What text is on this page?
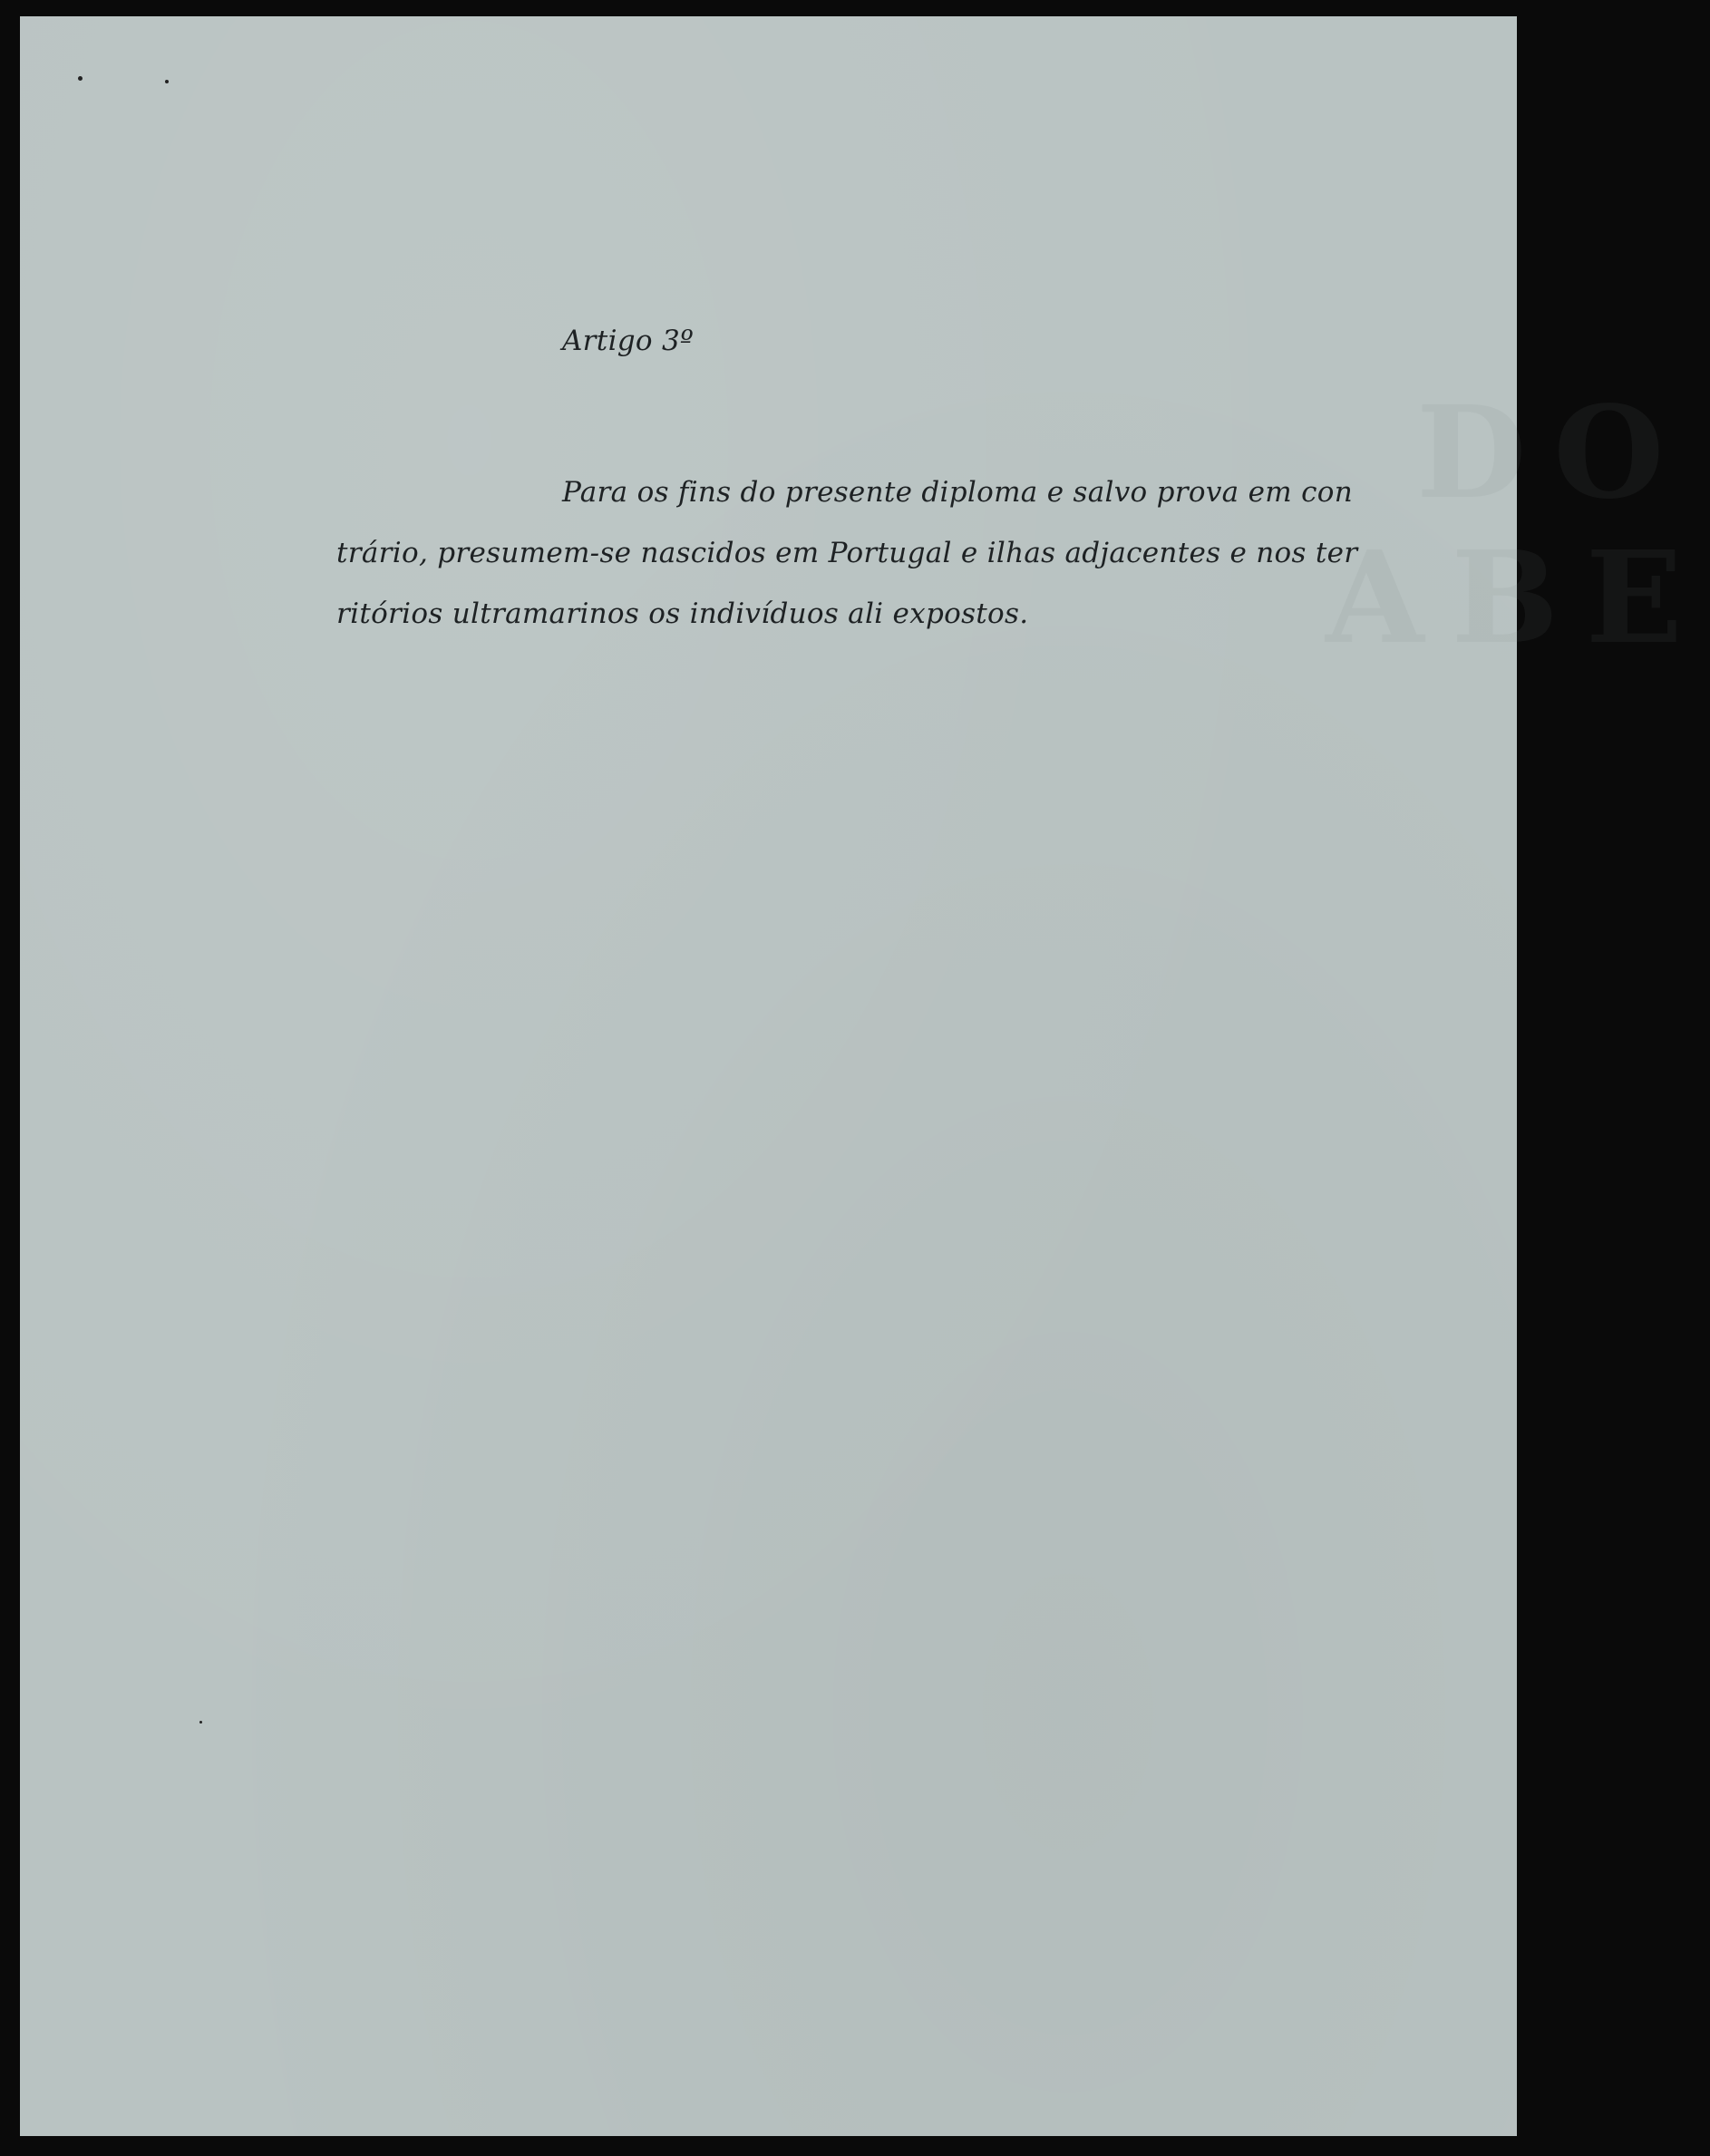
DO
ABE
Artigo 3º
Para os fins do presente diploma e salvo prova em con
trário, presumem-se nascidos em Portugal e ilhas adjacentes e nos ter
ritórios ultramarinos os indivíduos ali expostos.
